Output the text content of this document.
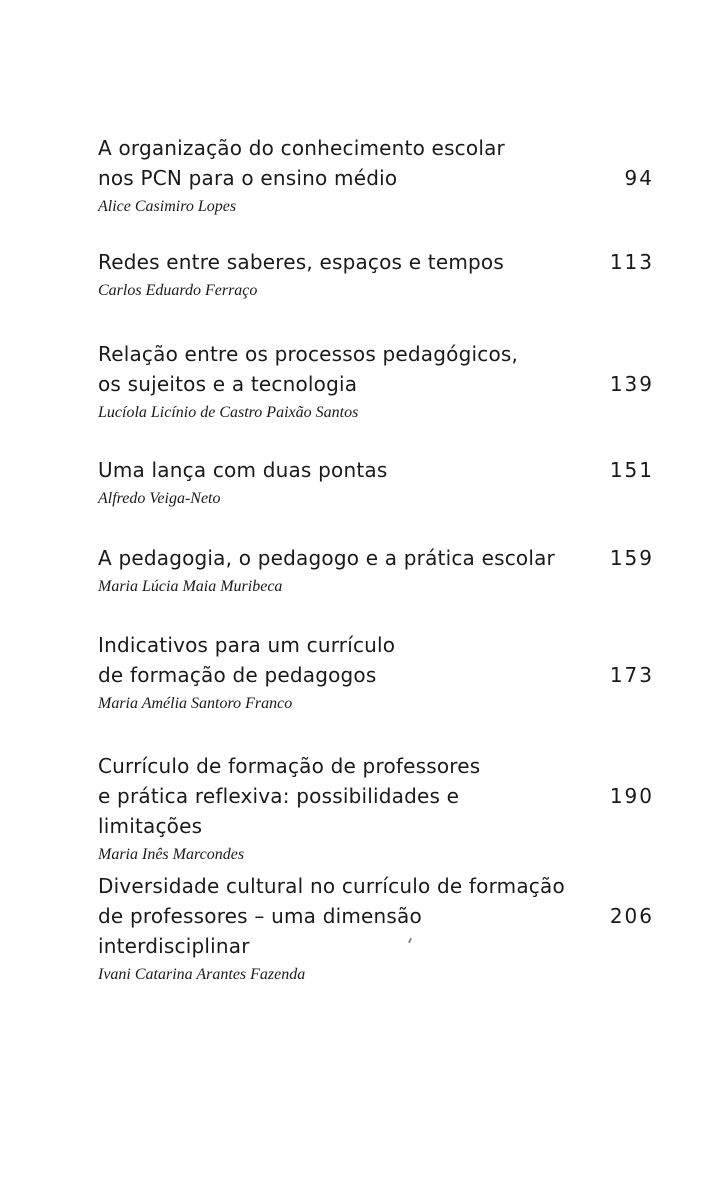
A organização do conhecimento escolar
nos PCN para o ensino médio
Alice Casimiro Lopes
94
Redes entre saberes, espaços e tempos
Carlos Eduardo Ferraço
113
Relação entre os processos pedagógicos,
os sujeitos e a tecnologia
Lucíola Licínio de Castro Paixão Santos
139
Uma lança com duas pontas
Alfredo Veiga-Neto
151
A pedagogia, o pedagogo e a prática escolar
Maria Lúcia Maia Muribeca
159
Indicativos para um currículo
de formação de pedagogos
Maria Amélia Santoro Franco
173
Currículo de formação de professores
e prática reflexiva: possibilidades e limitações
Maria Inês Marcondes
190
Diversidade cultural no currículo de formação
de professores – uma dimensão interdisciplinar
Ivani Catarina Arantes Fazenda
206
